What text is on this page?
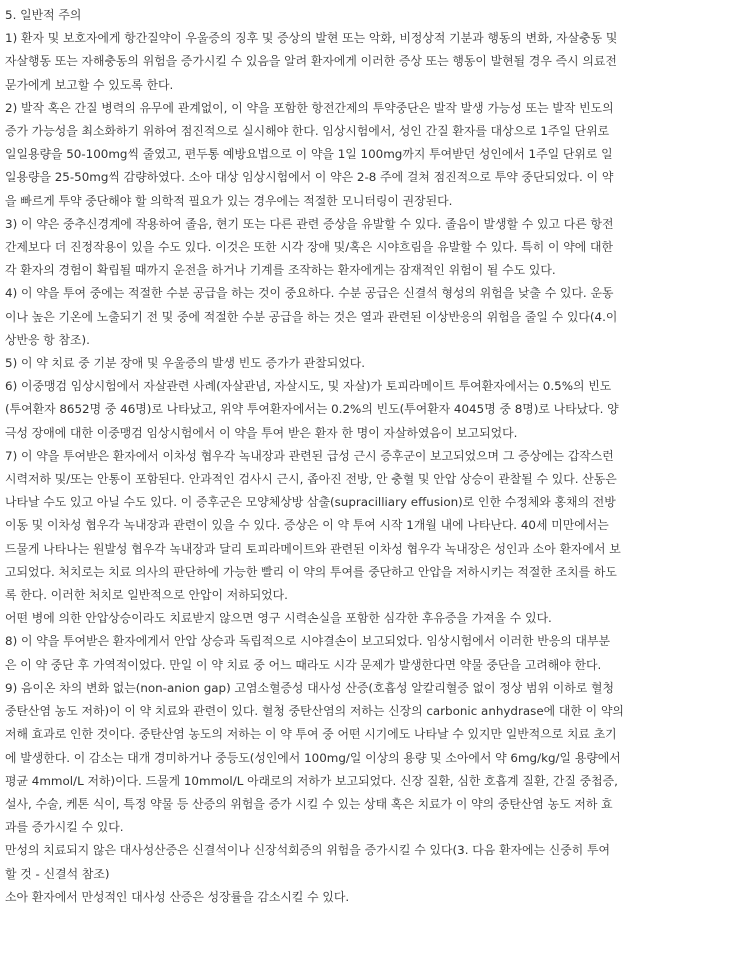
5. 일반적 주의
1) 환자 및 보호자에게 항간질약이 우울증의 징후 및 증상의 발현 또는 악화, 비정상적 기분과 행동의 변화, 자살충동 및
자살행동 또는 자해충동의 위험을 증가시킬 수 있음을 알려 환자에게 이러한 증상 또는 행동이 발현될 경우 즉시 의료전
문가에게 보고할 수 있도록 한다.
2) 발작 혹은 간질 병력의 유무에 관계없이, 이 약을 포함한 항전간제의 투약중단은 발작 발생 가능성 또는 발작 빈도의
증가 가능성을 최소화하기 위하여 점진적으로 실시해야 한다. 임상시험에서, 성인 간질 환자를 대상으로 1주일 단위로
일일용량을 50-100mg씩 줄였고, 편두통 예방요법으로 이 약을 1일 100mg까지 투여받던 성인에서 1주일 단위로 일
일용량을 25-50mg씩 감량하였다. 소아 대상 임상시험에서 이 약은 2-8 주에 걸쳐 점진적으로 투약 중단되었다. 이 약
을 빠르게 투약 중단해야 할 의학적 필요가 있는 경우에는 적절한 모니터링이 권장된다.
3) 이 약은 중추신경계에 작용하여 졸음, 현기 또는 다른 관련 증상을 유발할 수 있다. 졸음이 발생할 수 있고 다른 항전
간제보다 더 진정작용이 있을 수도 있다. 이것은 또한 시각 장애 및/혹은 시야흐림을 유발할 수 있다. 특히 이 약에 대한
각 환자의 경험이 확립될 때까지 운전을 하거나 기계를 조작하는 환자에게는 잠재적인 위험이 될 수도 있다.
4) 이 약을 투여 중에는 적절한 수분 공급을 하는 것이 중요하다. 수분 공급은 신결석 형성의 위험을 낮출 수 있다. 운동
이나 높은 기온에 노출되기 전 및 중에 적절한 수분 공급을 하는 것은 열과 관련된 이상반응의 위험을 줄일 수 있다(4.이
상반응 항 참조).
5) 이 약 치료 중 기분 장애 및 우울증의 발생 빈도 증가가 관찰되었다.
6) 이중맹검 임상시험에서 자살관련 사례(자살관념, 자살시도, 및 자살)가 토피라메이트 투여환자에서는 0.5%의 빈도
(투여환자 8652명 중 46명)로 나타났고, 위약 투여환자에서는 0.2%의 빈도(투여환자 4045명 중 8명)로 나타났다. 양
극성 장애에 대한 이중맹검 임상시험에서 이 약을 투여 받은 환자 한 명이 자살하였음이 보고되었다.
7) 이 약을 투여받은 환자에서 이차성 협우각 녹내장과 관련된 급성 근시 증후군이 보고되었으며 그 증상에는 갑작스런
시력저하 및/또는 안통이 포함된다. 안과적인 검사시 근시, 좁아진 전방, 안 충혈 및 안압 상승이 관찰될 수 있다. 산동은
나타날 수도 있고 아닐 수도 있다. 이 증후군은 모양체상방 삼출(supracilliary effusion)로 인한 수정체와 홍채의 전방
이동 및 이차성 협우각 녹내장과 관련이 있을 수 있다. 증상은 이 약 투여 시작 1개월 내에 나타난다. 40세 미만에서는
드물게 나타나는 원발성 협우각 녹내장과 달리 토피라메이트와 관련된 이차성 협우각 녹내장은 성인과 소아 환자에서 보
고되었다. 처치로는 치료 의사의 판단하에 가능한 빨리 이 약의 투여를 중단하고 안압을 저하시키는 적절한 조치를 하도
록 한다. 이러한 처치로 일반적으로 안압이 저하되었다.
어떤 병에 의한 안압상승이라도 치료받지 않으면 영구 시력손실을 포함한 심각한 후유증을 가져올 수 있다.
8) 이 약을 투여받은 환자에게서 안압 상승과 독립적으로 시야결손이 보고되었다. 임상시험에서 이러한 반응의 대부분
은 이 약 중단 후 가역적이었다. 만일 이 약 치료 중 어느 때라도 시각 문제가 발생한다면 약물 중단을 고려해야 한다.
9) 음이온 차의 변화 없는(non-anion gap) 고염소혈증성 대사성 산증(호흡성 알칼리혈증 없이 정상 범위 이하로 혈청
중탄산염 농도 저하)이 이 약 치료와 관련이 있다. 혈청 중탄산염의 저하는 신장의 carbonic anhydrase에 대한 이 약의
저해 효과로 인한 것이다. 중탄산염 농도의 저하는 이 약 투여 중 어떤 시기에도 나타날 수 있지만 일반적으로 치료 초기
에 발생한다. 이 감소는 대개 경미하거나 중등도(성인에서 100mg/일 이상의 용량 및 소아에서 약 6mg/kg/일 용량에서
평균 4mmol/L 저하)이다. 드물게 10mmol/L 아래로의 저하가 보고되었다. 신장 질환, 심한 호흡계 질환, 간질 중첩증,
설사, 수술, 케톤 식이, 특정 약물 등 산증의 위험을 증가 시킬 수 있는 상태 혹은 치료가 이 약의 중탄산염 농도 저하 효
과를 증가시킬 수 있다.
만성의 치료되지 않은 대사성산증은 신결석이나 신장석회증의 위험을 증가시킬 수 있다(3. 다음 환자에는 신중히 투여
할 것 - 신결석 참조)
소아 환자에서 만성적인 대사성 산증은 성장률을 감소시킬 수 있다.
